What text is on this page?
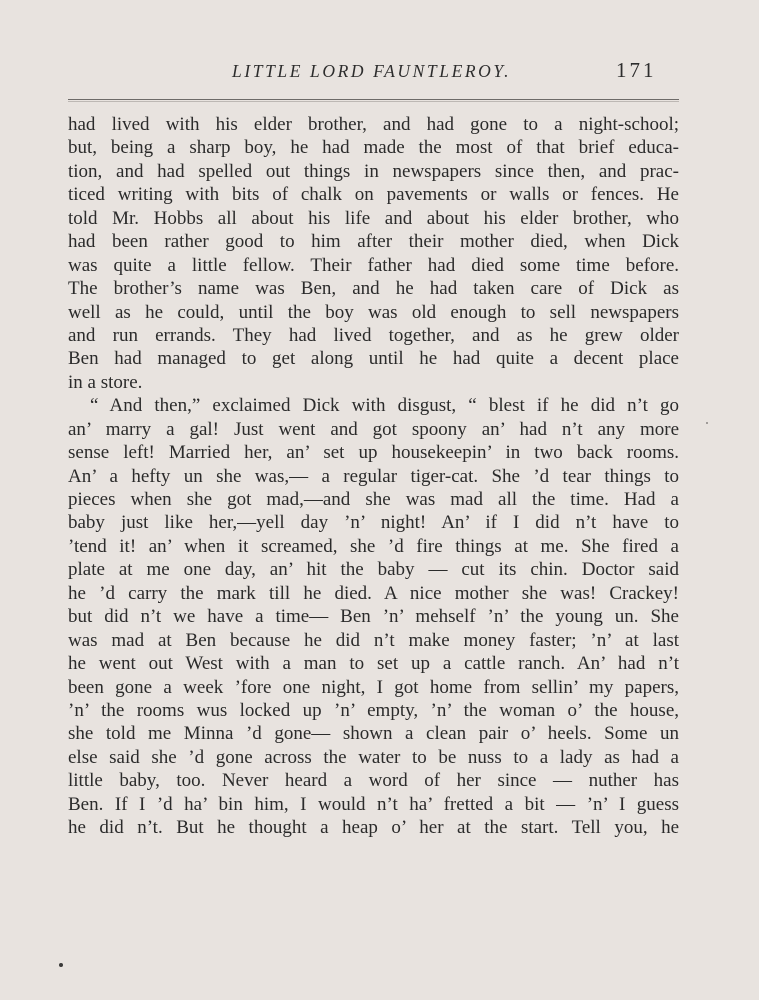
LITTLE LORD FAUNTLEROY.	171
had lived with his elder brother, and had gone to a night-school;
but, being a sharp boy, he had made the most of that brief educa-
tion, and had spelled out things in newspapers since then, and prac-
ticed writing with bits of chalk on pavements or walls or fences. He
told Mr. Hobbs all about his life and about his elder brother, who
had been rather good to him after their mother died, when Dick
was quite a little fellow. Their father had died some time before.
The brother’s name was Ben, and he had taken care of Dick as
well as he could, until the boy was old enough to sell newspapers
and run errands. They had lived together, and as he grew older
Ben had managed to get along until he had quite a decent place
in a store.
“ And then,” exclaimed Dick with disgust, “ blest if he did n’t go
an’ marry a gal! Just went and got spoony an’ had n’t any more
sense left! Married her, an’ set up housekeepin’ in two back rooms.
An’ a hefty un she was,— a regular tiger-cat. She ’d tear things to
pieces when she got mad,—and she was mad all the time. Had a
baby just like her,—yell day ’n’ night! An’ if I did n’t have to
’tend it! an’ when it screamed, she ’d fire things at me. She fired a
plate at me one day, an’ hit the baby — cut its chin. Doctor said
he ’d carry the mark till he died. A nice mother she was! Crackey!
but did n’t we have a time— Ben ’n’ mehself ’n’ the young un. She
was mad at Ben because he did n’t make money faster; ’n’ at last
he went out West with a man to set up a cattle ranch. An’ had n’t
been gone a week ’fore one night, I got home from sellin’ my papers,
’n’ the rooms wus locked up ’n’ empty, ’n’ the woman o’ the house,
she told me Minna ’d gone— shown a clean pair o’ heels. Some un
else said she ’d gone across the water to be nuss to a lady as had a
little baby, too. Never heard a word of her since — nuther has
Ben. If I ’d ha’ bin him, I would n’t ha’ fretted a bit — ’n’ I guess
he did n’t. But he thought a heap o’ her at the start. Tell you, he
